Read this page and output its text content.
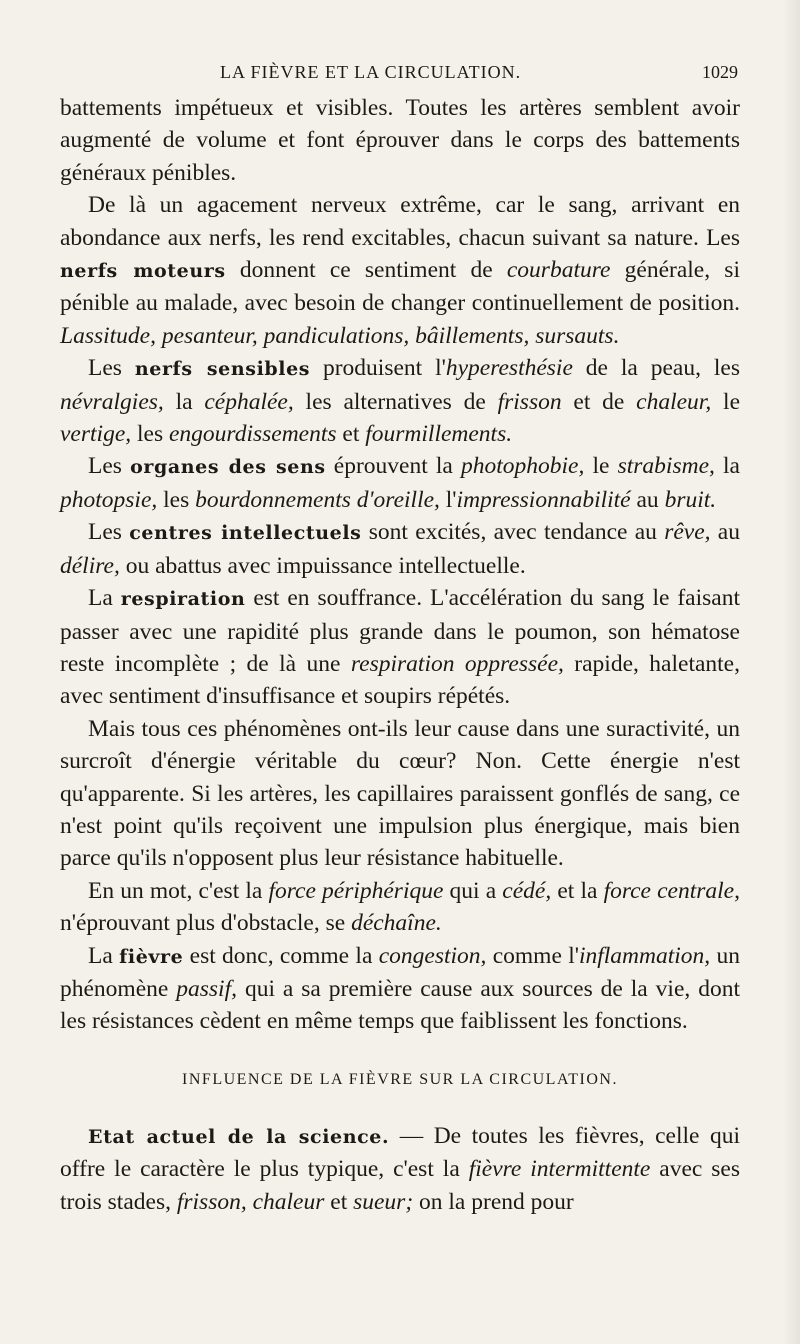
LA FIÈVRE ET LA CIRCULATION.	1029

battements impétueux et visibles. Toutes les artères semblent avoir augmenté de volume et font éprouver dans le corps des battements généraux pénibles.

De là un agacement nerveux extrême, car le sang, arrivant en abondance aux nerfs, les rend excitables, chacun suivant sa nature. Les nerfs moteurs donnent ce sentiment de courbature générale, si pénible au malade, avec besoin de changer continuellement de position. Lassitude, pesanteur, pandiculations, bâillements, sursauts.

Les nerfs sensibles produisent l'hyperesthésie de la peau, les névralgies, la céphalée, les alternatives de frisson et de chaleur, le vertige, les engourdissements et fourmillements.

Les organes des sens éprouvent la photophobie, le strabisme, la photopsie, les bourdonnements d'oreille, l'impressionnabilité au bruit.

Les centres intellectuels sont excités, avec tendance au rêve, au délire, ou abattus avec impuissance intellectuelle.

La respiration est en souffrance. L'accélération du sang le faisant passer avec une rapidité plus grande dans le poumon, son hématose reste incomplète ; de là une respiration oppressée, rapide, haletante, avec sentiment d'insuffisance et soupirs répétés.

Mais tous ces phénomènes ont-ils leur cause dans une suractivité, un surcroît d'énergie véritable du cœur? Non. Cette énergie n'est qu'apparente. Si les artères, les capillaires paraissent gonflés de sang, ce n'est point qu'ils reçoivent une impulsion plus énergique, mais bien parce qu'ils n'opposent plus leur résistance habituelle.

En un mot, c'est la force périphérique qui a cédé, et la force centrale, n'éprouvant plus d'obstacle, se déchaîne.

La fièvre est donc, comme la congestion, comme l'inflammation, un phénomène passif, qui a sa première cause aux sources de la vie, dont les résistances cèdent en même temps que faiblissent les fonctions.

INFLUENCE DE LA FIÈVRE SUR LA CIRCULATION.

Etat actuel de la science. — De toutes les fièvres, celle qui offre le caractère le plus typique, c'est la fièvre intermittente avec ses trois stades, frisson, chaleur et sueur; on la prend pour
